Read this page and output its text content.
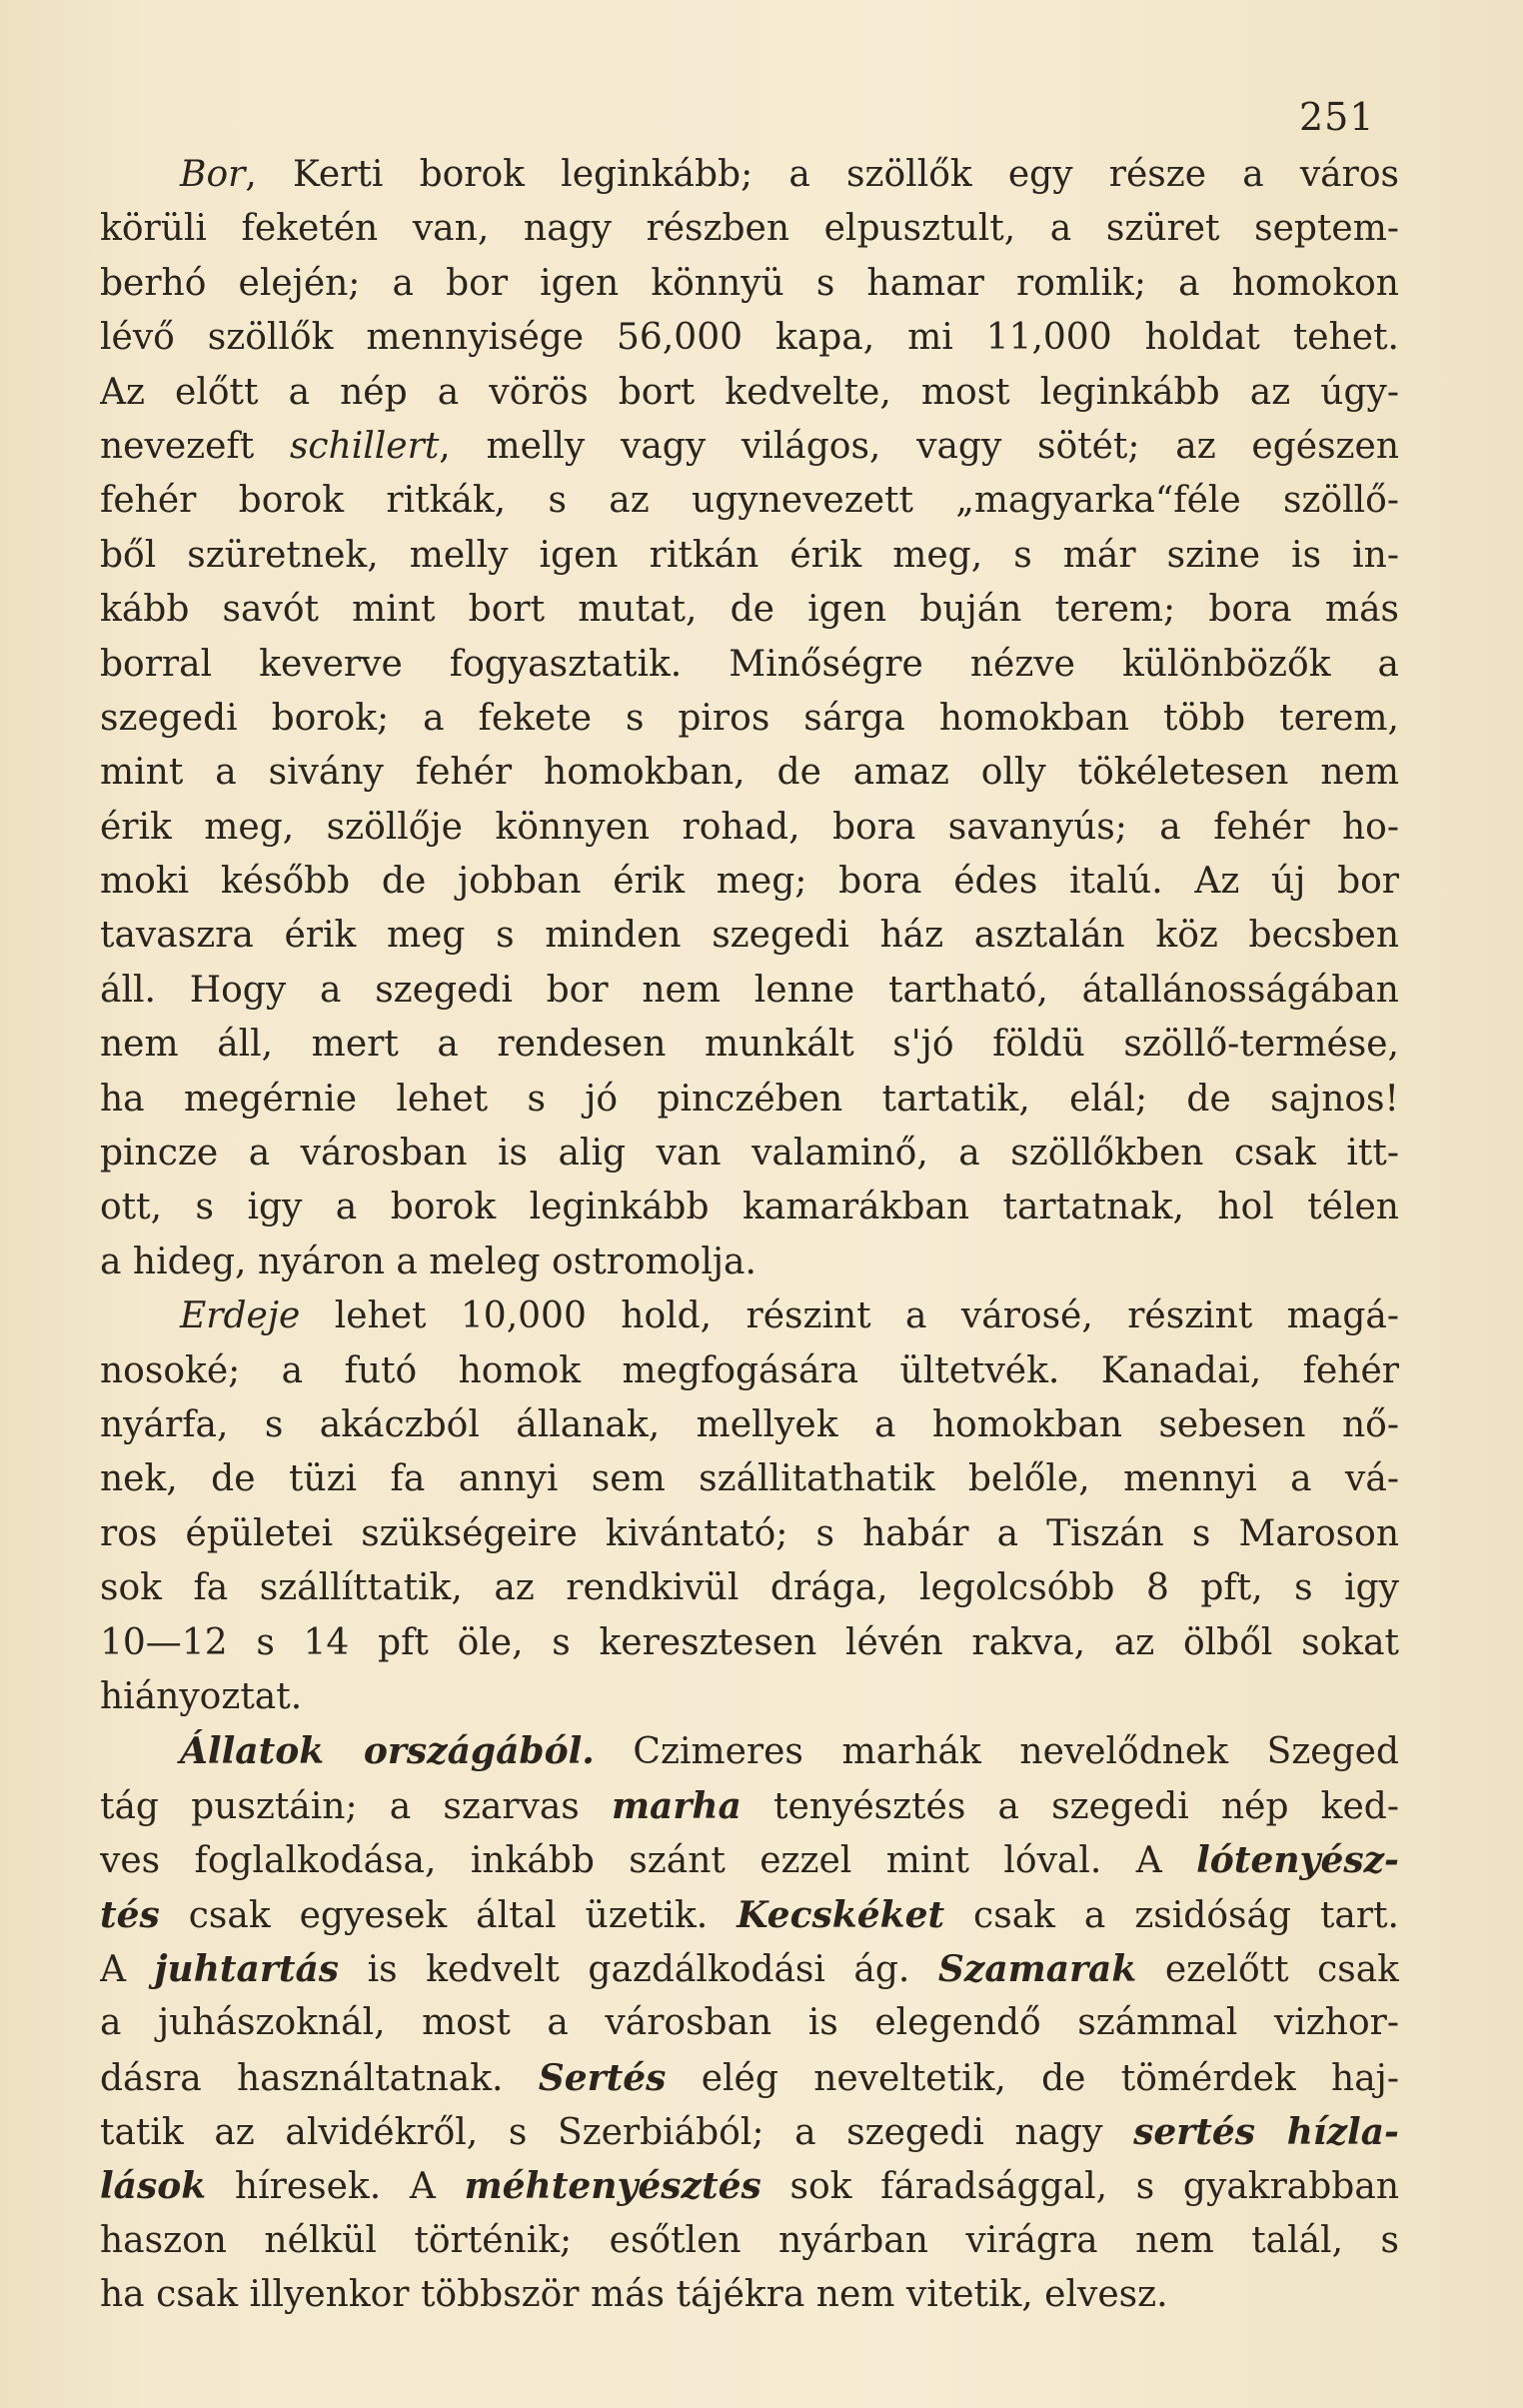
251
Bor, Kerti borok leginkább; a szöllők egy része a város
körüli feketén van, nagy részben elpusztult, a szüret septem-
berhó elején; a bor igen könnyü s hamar romlik; a homokon
lévő szöllők mennyisége 56,000 kapa, mi 11,000 holdat tehet.
Az előtt a nép a vörös bort kedvelte, most leginkább az úgy-
nevezeft schillert, melly vagy világos, vagy sötét; az egészen
fehér borok ritkák, s az ugynevezett „magyarka“féle szöllő-
ből szüretnek, melly igen ritkán érik meg, s már szine is in-
kább savót mint bort mutat, de igen buján terem; bora más
borral keverve fogyasztatik. Minőségre nézve különbözők a
szegedi borok; a fekete s piros sárga homokban több terem,
mint a sivány fehér homokban, de amaz olly tökéletesen nem
érik meg, szöllője könnyen rohad, bora savanyús; a fehér ho-
moki később de jobban érik meg; bora édes italú. Az új bor
tavaszra érik meg s minden szegedi ház asztalán köz becsben
áll. Hogy a szegedi bor nem lenne tartható, átallánosságában
nem áll, mert a rendesen munkált s'jó földü szöllő-termése,
ha megérnie lehet s jó pinczében tartatik, elál; de sajnos!
pincze a városban is alig van valaminő, a szöllőkben csak itt-
ott, s igy a borok leginkább kamarákban tartatnak, hol télen
a hideg, nyáron a meleg ostromolja.
Erdeje lehet 10,000 hold, részint a városé, részint magá-
nosoké; a futó homok megfogására ültetvék. Kanadai, fehér
nyárfa, s akáczból állanak, mellyek a homokban sebesen nő-
nek, de tüzi fa annyi sem szállitathatik belőle, mennyi a vá-
ros épületei szükségeire kivántató; s habár a Tiszán s Maroson
sok fa szállíttatik, az rendkivül drága, legolcsóbb 8 pft, s igy
10—12 s 14 pft öle, s keresztesen lévén rakva, az ölből sokat
hiányoztat.
Állatok országából. Czimeres marhák nevelődnek Szeged
tág pusztáin; a szarvas marha tenyésztés a szegedi nép ked-
ves foglalkodása, inkább szánt ezzel mint lóval. A lótenyész-
tés csak egyesek által üzetik. Kecskéket csak a zsidóság tart.
A juhtartás is kedvelt gazdálkodási ág. Szamarak ezelőtt csak
a juhászoknál, most a városban is elegendő számmal vizhor-
dásra használtatnak. Sertés elég neveltetik, de tömérdek haj-
tatik az alvidékről, s Szerbiából; a szegedi nagy sertés hízla-
lások híresek. A méhtenyésztés sok fáradsággal, s gyakrabban
haszon nélkül történik; esőtlen nyárban virágra nem talál, s
ha csak illyenkor többször más tájékra nem vitetik, elvesz.
